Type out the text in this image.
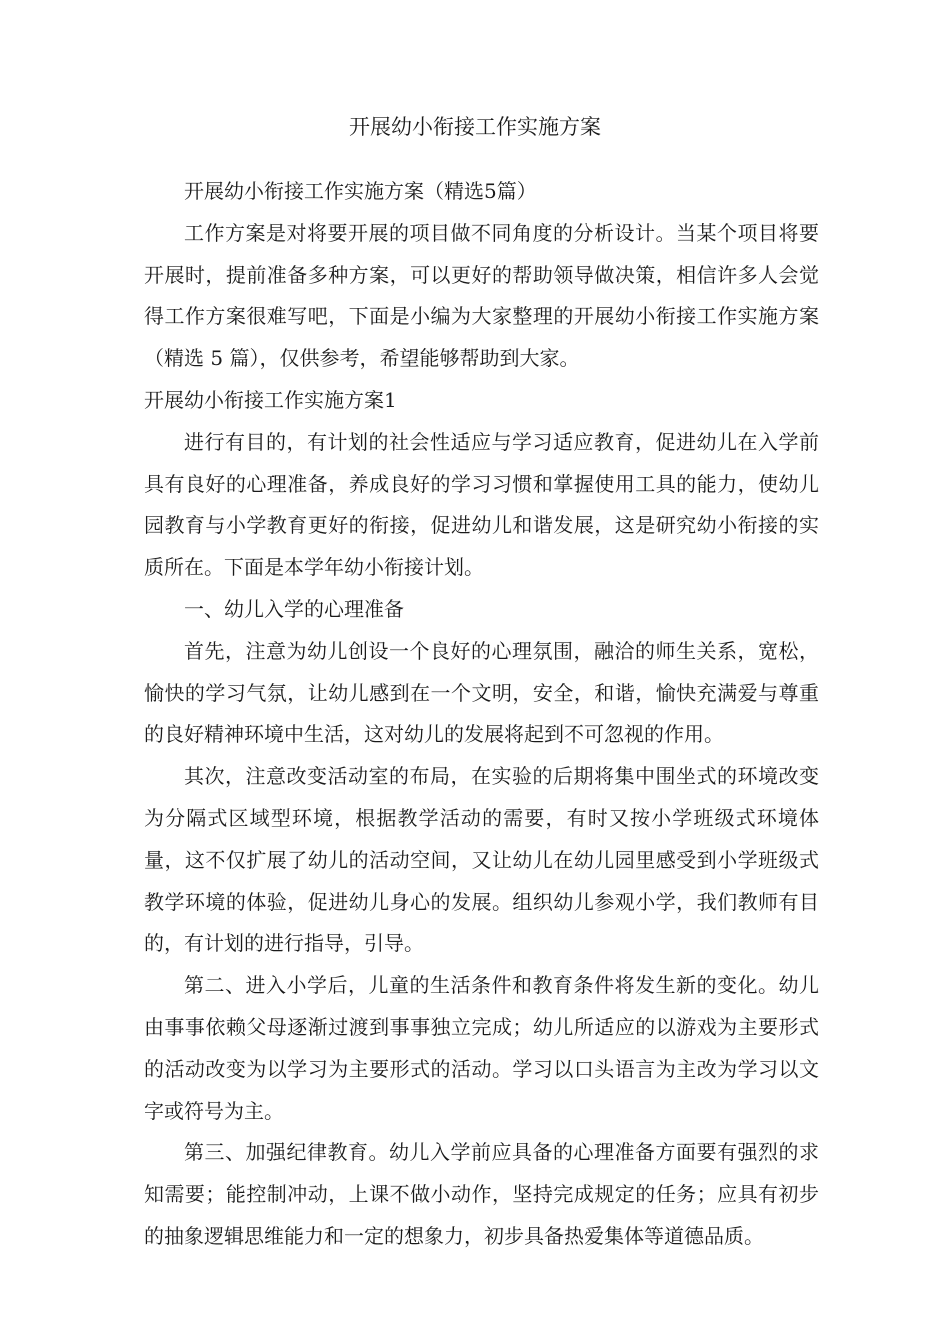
开展幼小衔接工作实施方案

开展幼小衔接工作实施方案（精选5篇）

工作方案是对将要开展的项目做不同角度的分析设计。当某个项目将要开展时，提前准备多种方案，可以更好的帮助领导做决策，相信许多人会觉得工作方案很难写吧，下面是小编为大家整理的开展幼小衔接工作实施方案（精选 5 篇），仅供参考，希望能够帮助到大家。

开展幼小衔接工作实施方案1

进行有目的，有计划的社会性适应与学习适应教育，促进幼儿在入学前具有良好的心理准备，养成良好的学习习惯和掌握使用工具的能力，使幼儿园教育与小学教育更好的衔接，促进幼儿和谐发展，这是研究幼小衔接的实质所在。下面是本学年幼小衔接计划。

一、幼儿入学的心理准备

首先，注意为幼儿创设一个良好的心理氛围，融洽的师生关系，宽松，愉快的学习气氛，让幼儿感到在一个文明，安全，和谐，愉快充满爱与尊重的良好精神环境中生活，这对幼儿的发展将起到不可忽视的作用。

其次，注意改变活动室的布局，在实验的后期将集中围坐式的环境改变为分隔式区域型环境，根据教学活动的需要，有时又按小学班级式环境体量，这不仅扩展了幼儿的活动空间，又让幼儿在幼儿园里感受到小学班级式教学环境的体验，促进幼儿身心的发展。组织幼儿参观小学，我们教师有目的，有计划的进行指导，引导。

第二、进入小学后，儿童的生活条件和教育条件将发生新的变化。幼儿由事事依赖父母逐渐过渡到事事独立完成；幼儿所适应的以游戏为主要形式的活动改变为以学习为主要形式的活动。学习以口头语言为主改为学习以文字或符号为主。

第三、加强纪律教育。幼儿入学前应具备的心理准备方面要有强烈的求知需要；能控制冲动，上课不做小动作，坚持完成规定的任务；应具有初步的抽象逻辑思维能力和一定的想象力，初步具备热爱集体等道德品质。
